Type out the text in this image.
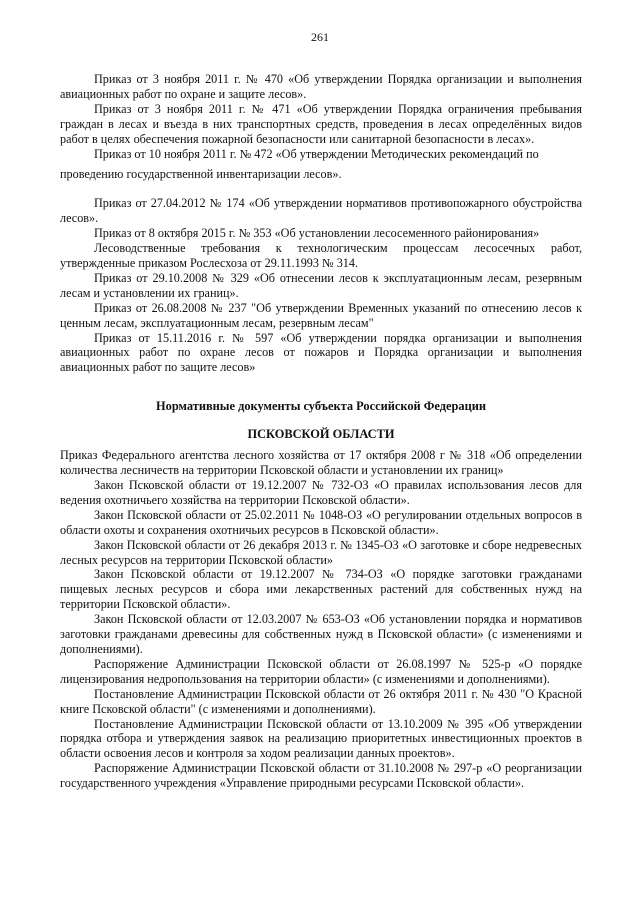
261

Приказ от 3 ноября 2011 г. № 470 «Об утверждении Порядка организации и выполнения авиационных работ по охране и защите лесов».

Приказ от 3 ноября 2011 г. № 471 «Об утверждении Порядка ограничения пребывания граждан в лесах и въезда в них транспортных средств, проведения в лесах определённых видов работ в целях обеспечения пожарной безопасности или санитарной безопасности в лесах».

Приказ от 10 ноября 2011 г. № 472 «Об утверждении Методических рекомендаций по

проведению государственной инвентаризации лесов».

Приказ от 27.04.2012 № 174 «Об утверждении нормативов противопожарного обустройства лесов».

Приказ от 8 октября 2015 г. № 353 «Об установлении лесосеменного районирования»

Лесоводственные требования к технологическим процессам лесосечных работ, утвержденные приказом Рослесхоза от 29.11.1993 № 314.

Приказ от 29.10.2008 № 329 «Об отнесении лесов к эксплуатационным лесам, резервным лесам и установлении их границ».

Приказ от 26.08.2008 № 237 "Об утверждении Временных указаний по отнесению лесов к ценным лесам, эксплуатационным лесам, резервным лесам"

Приказ от 15.11.2016 г. № 597 «Об утверждении порядка организации и выполнения авиационных работ по охране лесов от пожаров и Порядка организации и выполнения авиационных работ по защите лесов»

Нормативные документы субъекта Российской Федерации
ПСКОВСКОЙ ОБЛАСТИ

Приказ Федерального агентства лесного хозяйства от 17 октября 2008 г № 318 «Об определении количества лесничеств на территории Псковской области и установлении их границ»

Закон Псковской области от 19.12.2007 № 732-ОЗ «О правилах использования лесов для ведения охотничьего хозяйства на территории Псковской области».

Закон Псковской области от 25.02.2011 № 1048-ОЗ «О регулировании отдельных вопросов в области охоты и сохранения охотничьих ресурсов в Псковской области».

Закон Псковской области от 26 декабря 2013 г. № 1345-ОЗ «О заготовке и сборе недревесных лесных ресурсов на территории Псковской области»

Закон Псковской области от 19.12.2007 № 734-ОЗ «О порядке заготовки гражданами пищевых лесных ресурсов и сбора ими лекарственных растений для собственных нужд на территории Псковской области».

Закон Псковской области от 12.03.2007 № 653-ОЗ «Об установлении порядка и нормативов заготовки гражданами древесины для собственных нужд в Псковской области» (с изменениями и дополнениями).

Распоряжение Администрации Псковской области от 26.08.1997 № 525-р «О порядке лицензирования недропользования на территории области» (с изменениями и дополнениями).

Постановление Администрации Псковской области от 26 октября 2011 г. № 430 "О Красной книге Псковской области" (с изменениями и дополнениями).

Постановление Администрации Псковской области от 13.10.2009 № 395 «Об утверждении порядка отбора и утверждения заявок на реализацию приоритетных инвестиционных проектов в области освоения лесов и контроля за ходом реализации данных проектов».

Распоряжение Администрации Псковской области от 31.10.2008 № 297-р «О реорганизации государственного учреждения «Управление природными ресурсами Псковской области».
